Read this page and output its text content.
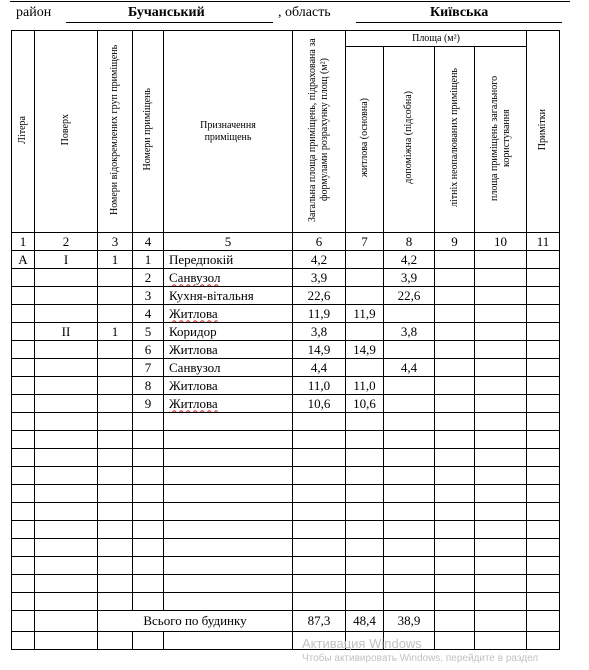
район	Бучанський	, область	Київська
Літера	Поверх	Номери відокремлених груп приміщень	Номери приміщень	Призначення приміщень	Загальна площа приміщень, підрахована за формулами розрахунку площ (м²)	Площа (м²)				Примітки
						житлова (основна)	допоміжна (підсобна)	літніх неопалюваних приміщень	площа приміщень загального користування	
1	2	3	4	5	6	7	8	9	10	11
А	I	1	1	Передпокій	4,2		4,2			
			2	Санвузол	3,9		3,9			
			3	Кухня-вітальня	22,6		22,6			
			4	Житлова	11,9	11,9				
	II	1	5	Коридор	3,8		3,8			
			6	Житлова	14,9	14,9				
			7	Санвузол	4,4		4,4			
			8	Житлова	11,0	11,0				
			9	Житлова	10,6	10,6				

		Всього по будинку			87,3	48,4	38,9			

Активация Windows
Чтобы активировать Windows, перейдите в раздел
